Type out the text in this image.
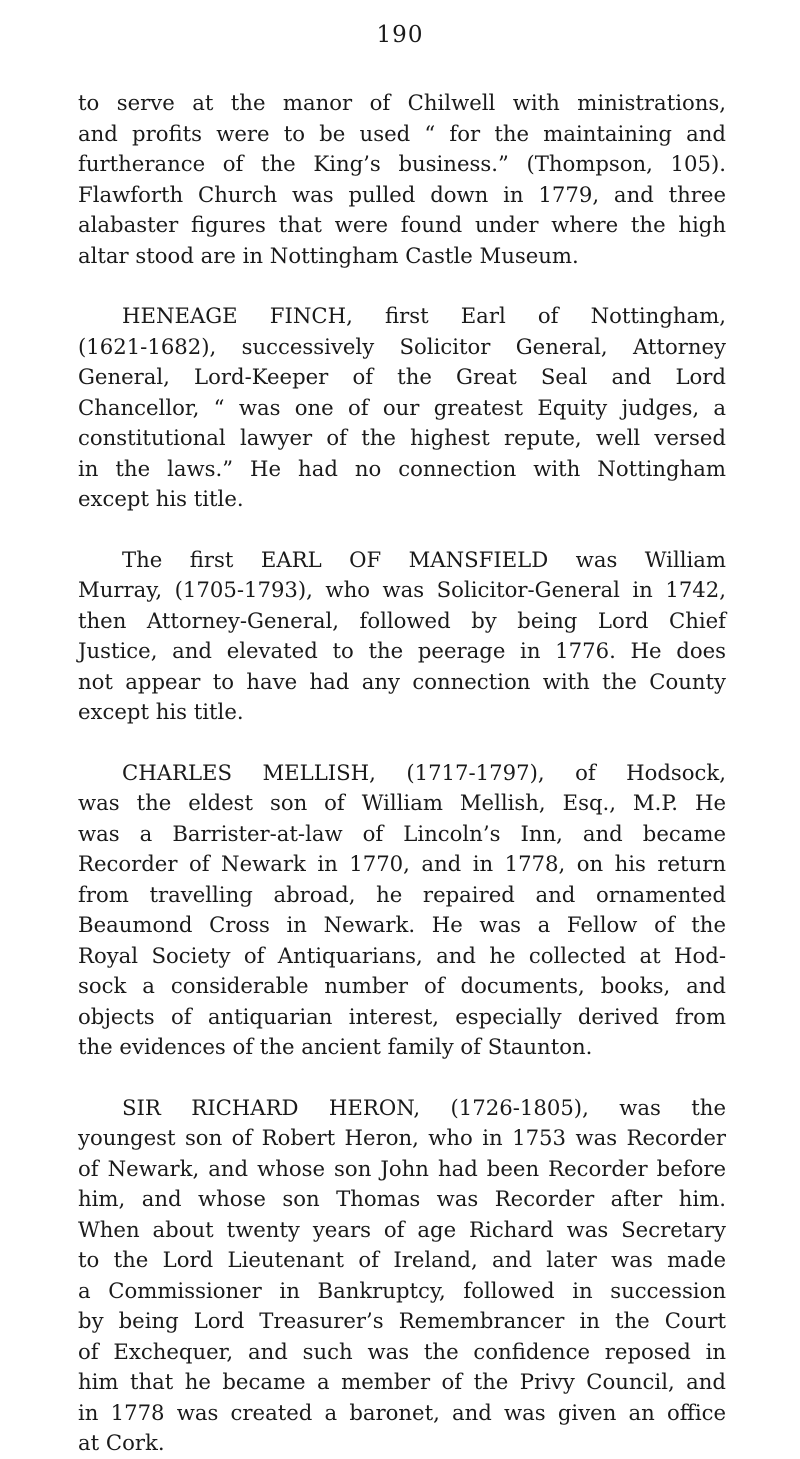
190

to serve at the manor of Chilwell with ministrations,
and profits were to be used “ for the maintaining and
furtherance of the King’s business.” (Thompson, 105).
Flawforth Church was pulled down in 1779, and three
alabaster figures that were found under where the high
altar stood are in Nottingham Castle Museum.

HENEAGE FINCH, first Earl of Nottingham,
(1621-1682), successively Solicitor General, Attorney
General, Lord-Keeper of the Great Seal and Lord
Chancellor, “ was one of our greatest Equity judges, a
constitutional lawyer of the highest repute, well versed
in the laws.” He had no connection with Nottingham
except his title.

The first EARL OF MANSFIELD was William
Murray, (1705-1793), who was Solicitor-General in 1742,
then Attorney-General, followed by being Lord Chief
Justice, and elevated to the peerage in 1776. He does
not appear to have had any connection with the County
except his title.

CHARLES MELLISH, (1717-1797), of Hodsock,
was the eldest son of William Mellish, Esq., M.P. He
was a Barrister-at-law of Lincoln’s Inn, and became
Recorder of Newark in 1770, and in 1778, on his return
from travelling abroad, he repaired and ornamented
Beaumond Cross in Newark. He was a Fellow of the
Royal Society of Antiquarians, and he collected at Hod-
sock a considerable number of documents, books, and
objects of antiquarian interest, especially derived from
the evidences of the ancient family of Staunton.

SIR RICHARD HERON, (1726-1805), was the
youngest son of Robert Heron, who in 1753 was Recorder
of Newark, and whose son John had been Recorder before
him, and whose son Thomas was Recorder after him.
When about twenty years of age Richard was Secretary
to the Lord Lieutenant of Ireland, and later was made
a Commissioner in Bankruptcy, followed in succession
by being Lord Treasurer’s Remembrancer in the Court
of Exchequer, and such was the confidence reposed in
him that he became a member of the Privy Council, and
in 1778 was created a baronet, and was given an office
at Cork.
